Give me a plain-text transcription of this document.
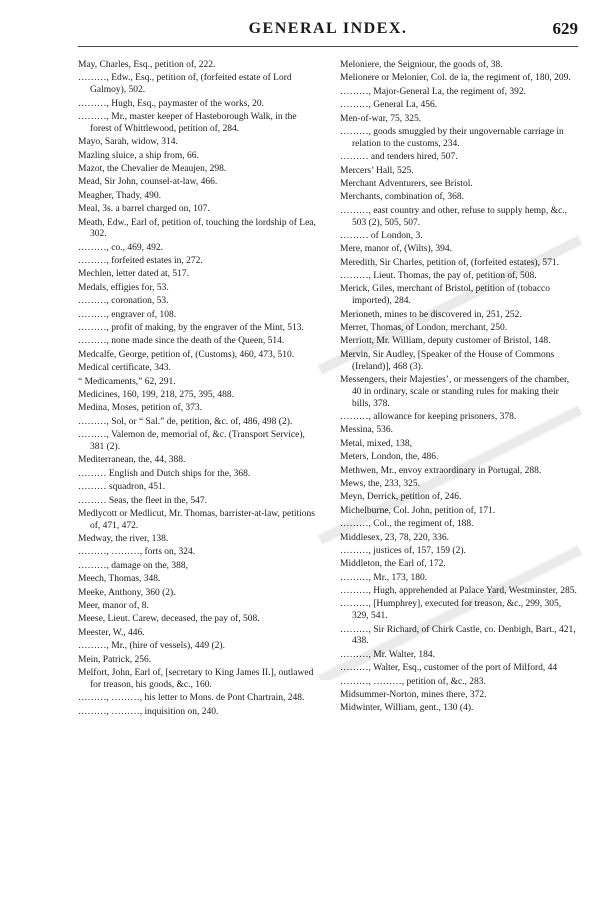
GENERAL INDEX.	629
May, Charles, Esq., petition of, 222.
………, Edw., Esq., petition of, (forfeited estate of Lord Galmoy), 502.
………, Hugh, Esq., paymaster of the works, 20.
………, Mr., master keeper of Hasteborough Walk, in the forest of Whittlewood, petition of, 284.
Mayo, Sarah, widow, 314.
Mazling sluice, a ship from, 66.
Mazot, the Chevalier de Meaujen, 298.
Mead, Sir John, counsel-at-law, 466.
Meagher, Thady, 490.
Meal, 3s. a barrel charged on, 107.
Meath, Edw., Earl of, petition of, touching the lordship of Lea, 302.
………, co., 469, 492.
………, forfeited estates in, 272.
Mechlen, letter dated at, 517.
Medals, effigies for, 53.
………, coronation, 53.
………, engraver of, 108.
………, profit of making, by the engraver of the Mint, 513.
………, none made since the death of the Queen, 514.
Medcalfe, George, petition of, (Customs), 460, 473, 510.
Medical certificate, 343.
“ Medicaments,” 62, 291.
Medicines, 160, 199, 218, 275, 395, 488.
Medina, Moses, petition of, 373.
………, Sol, or “ Sal.” de, petition, &c. of, 486, 498 (2).
………, Valemon de, memorial of, &c. (Transport Service), 381 (2).
Mediterranean, the, 44, 388.
……… English and Dutch ships for the, 368.
……… squadron, 451.
……… Seas, the fleet in the, 547.
Medlycott or Medlicut, Mr. Thomas, barrister-at-law, petitions of, 471, 472.
Medway, the river, 138.
………, ………, forts on, 324.
………, damage on the, 388,
Meech, Thomas, 348.
Meeke, Anthony, 360 (2).
Meer, manor of, 8.
Meese, Lieut. Carew, deceased, the pay of, 508.
Meester, W., 446.
………, Mr., (hire of vessels), 449 (2).
Mein, Patrick, 256.
Melfort, John, Earl of, [secretary to King James II.], outlawed for treason, his goods, &c., 160.
………, ………, his letter to Mons. de Pont Chartrain, 248.
………, ………, inquisition on, 240.
Meloniere, the Seigniour, the goods of, 38.
Melionere or Melonier, Col. de la, the regiment of, 180, 209.
………, Major-General La, the regiment of, 392.
………, General La, 456.
Men-of-war, 75, 325.
………, goods smuggled by their ungovernable carriage in relation to the customs, 234.
……… and tenders hired, 507.
Mercers’ Hall, 525.
Merchant Adventurers, see Bristol.
Merchants, combination of, 368.
………, east country and other, refuse to supply hemp, &c., 503 (2), 505, 507.
……… of London, 3.
Mere, manor of, (Wilts), 394.
Meredith, Sir Charles, petition of, (forfeited estates), 571.
………, Lieut. Thomas, the pay of, petition of, 508.
Merick, Giles, merchant of Bristol, petition of (tobacco imported), 284.
Merioneth, mines to be discovered in, 251, 252.
Merret, Thomas, of London, merchant, 250.
Merriott, Mr. William, deputy customer of Bristol, 148.
Mervin, Sir Audley, [Speaker of the House of Commons (Ireland)], 468 (3).
Messengers, their Majesties’, or messengers of the chamber, 40 in ordinary, scale or standing rules for making their bills, 378.
………, allowance for keeping prisoners, 378.
Messina, 536.
Metal, mixed, 138,
Meters, London, the, 486.
Methwen, Mr., envoy extraordinary in Portugal, 288.
Mews, the, 233, 325.
Meyn, Derrick, petition of, 246.
Michelburne, Col. John, petition of, 171.
………, Col., the regiment of, 188.
Middlesex, 23, 78, 220, 336.
………, justices of, 157, 159 (2).
Middleton, the Earl of, 172.
………, Mr., 173, 180.
………, Hugh, apprehended at Palace Yard, Westminster, 285.
………, [Humphrey], executed for treason, &c., 299, 305, 329, 541.
………, Sir Richard, of Chirk Castle, co. Denbigh, Bart., 421, 438.
………, Mr. Walter, 184.
………, Walter, Esq., customer of the port of Milford, 44
………, ………, petition of, &c., 283.
Midsummer-Norton, mines there, 372.
Midwinter, William, gent., 130 (4).
